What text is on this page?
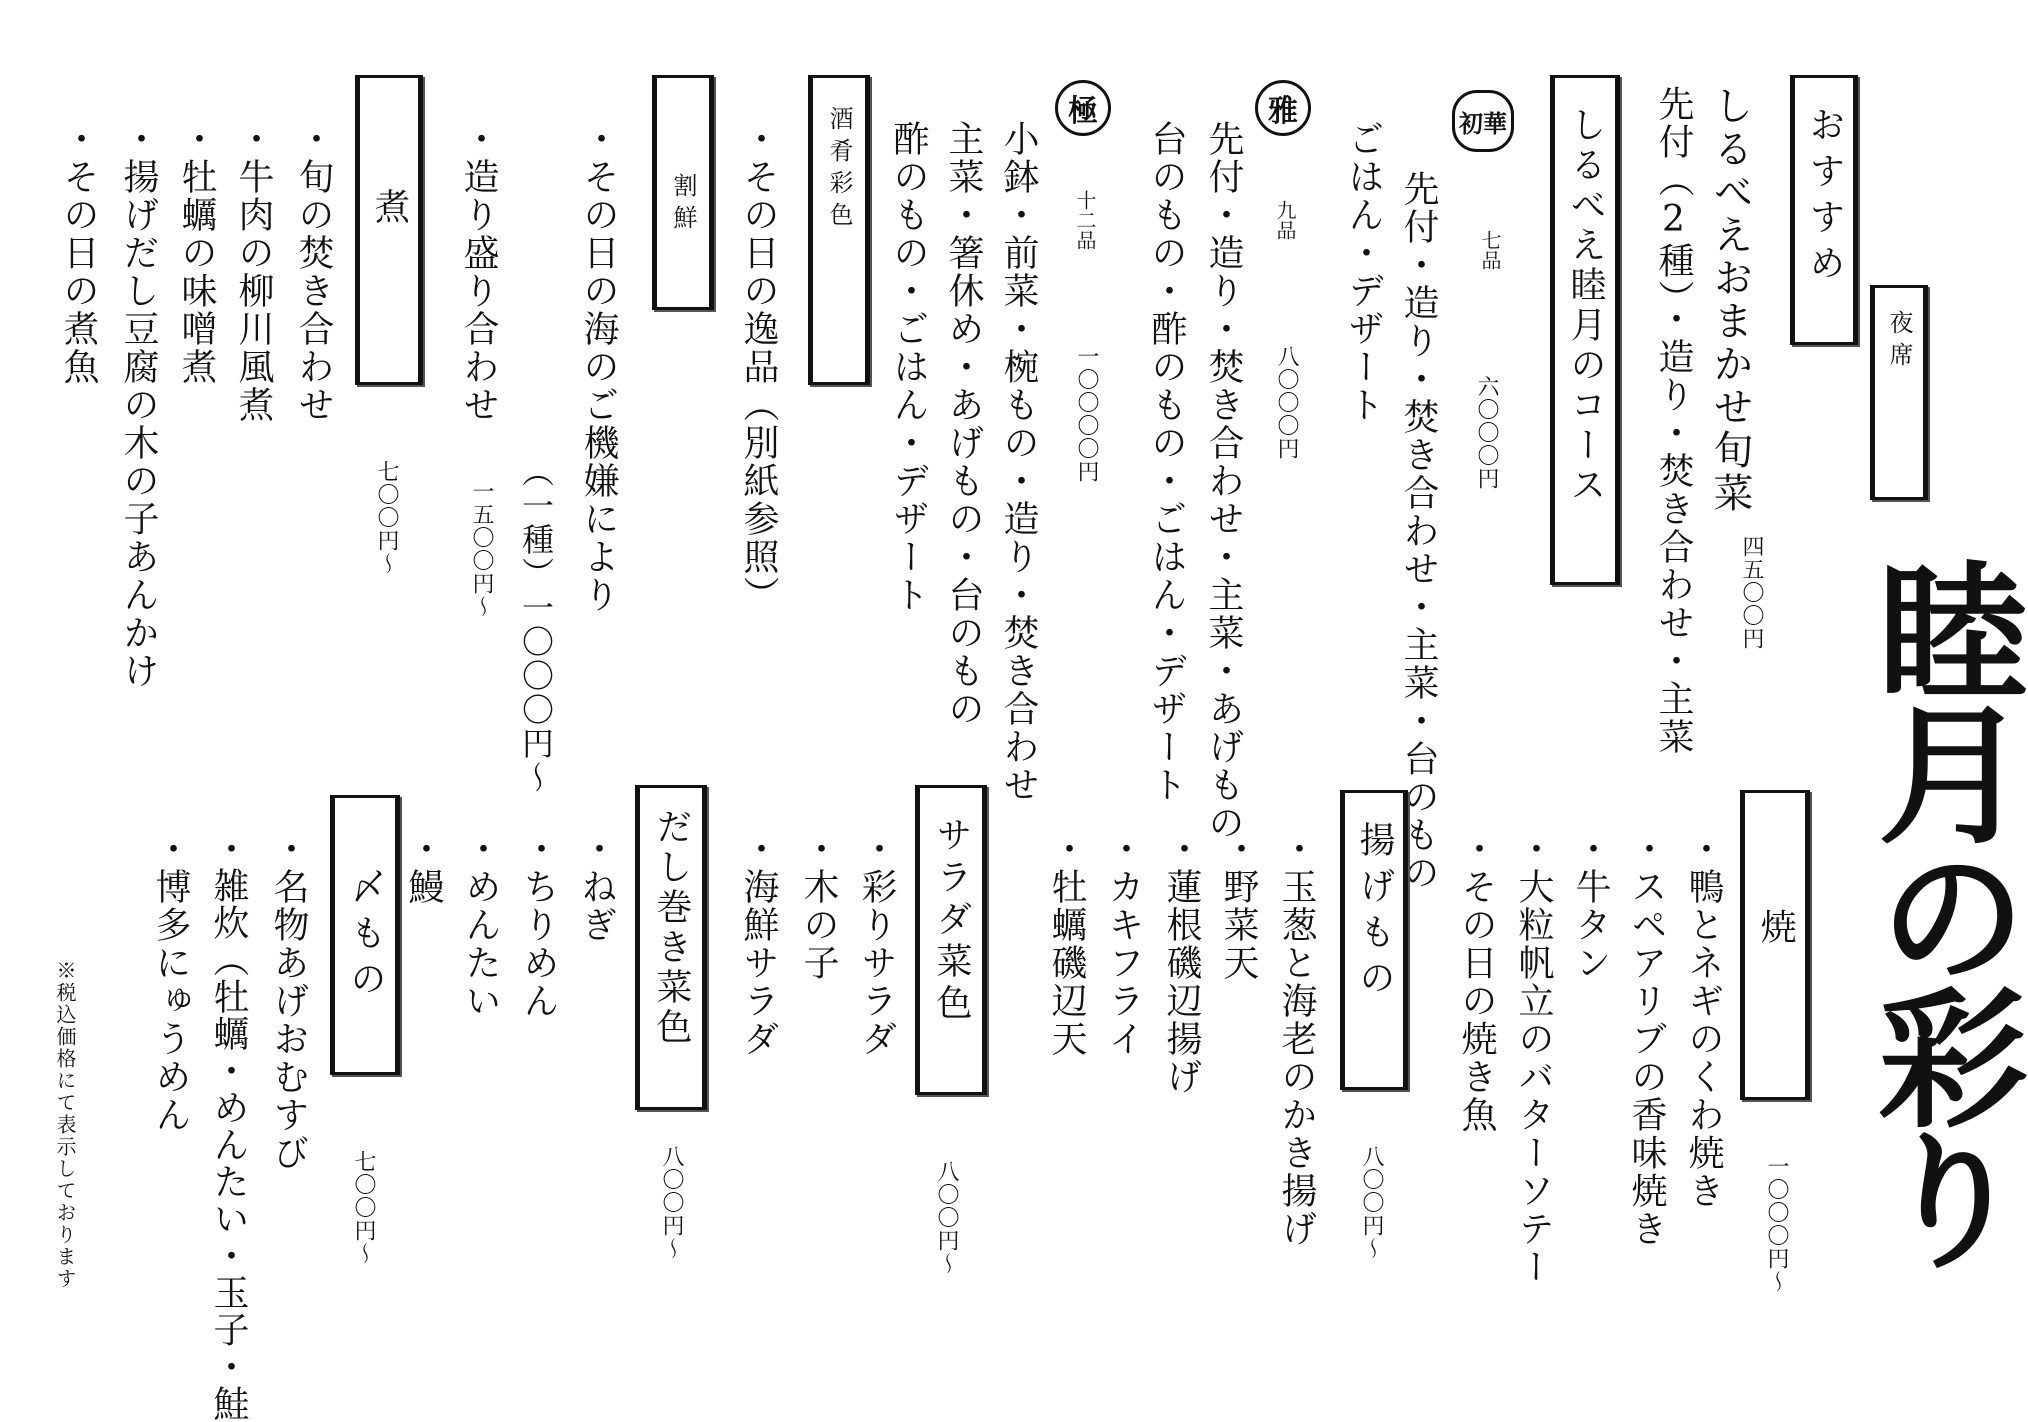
夜席
睦月の彩り
おすすめ
しるべえおまかせ旬菜
四五〇〇円
先付（2種）・造り・焚き合わせ・主菜
しるべえ睦月のコース
初華
先付・造り・焚き合わせ・主菜・台のもの
ごはん・デザート	七品
六〇〇〇円
雅
先付・造り・焚き合わせ・主菜・あげもの
台のもの・酢のもの・ごはん・デザート	九品
八〇〇〇円
極
小鉢・前菜・椀もの・造り・焚き合わせ
主菜・箸休め・あげもの・台のもの
酢のもの・ごはん・デザート	十二品
一〇〇〇〇円
酒肴彩色
・その日の逸品（別紙参照）
割鮮
・その日の海のご機嫌により
（一種）一〇〇〇円～
・造り盛り合わせ
一五〇〇円～
煮
七〇〇円～
・旬の焚き合わせ
・牛肉の柳川風煮
・牡蠣の味噌煮
・揚げだし豆腐の木の子あんかけ
・その日の煮魚
焼
一〇〇〇円～
・鴨とネギのくわ焼き
・スペアリブの香味焼き
・牛タン
・大粒帆立のバターソテー
・その日の焼き魚
揚げもの
八〇〇円～
・玉葱と海老のかき揚げ
・野菜天
・蓮根磯辺揚げ
・カキフライ
・牡蠣磯辺天
サラダ菜色
八〇〇円～
・彩りサラダ
・木の子
・海鮮サラダ
だし巻き菜色
八〇〇円～
・ねぎ
・ちりめん
・めんたい
・鰻
〆もの
七〇〇円～
・名物あげおむすび
・雑炊（牡蠣・めんたい・玉子・鮭
・博多にゅうめん
※税込価格にて表示しております
